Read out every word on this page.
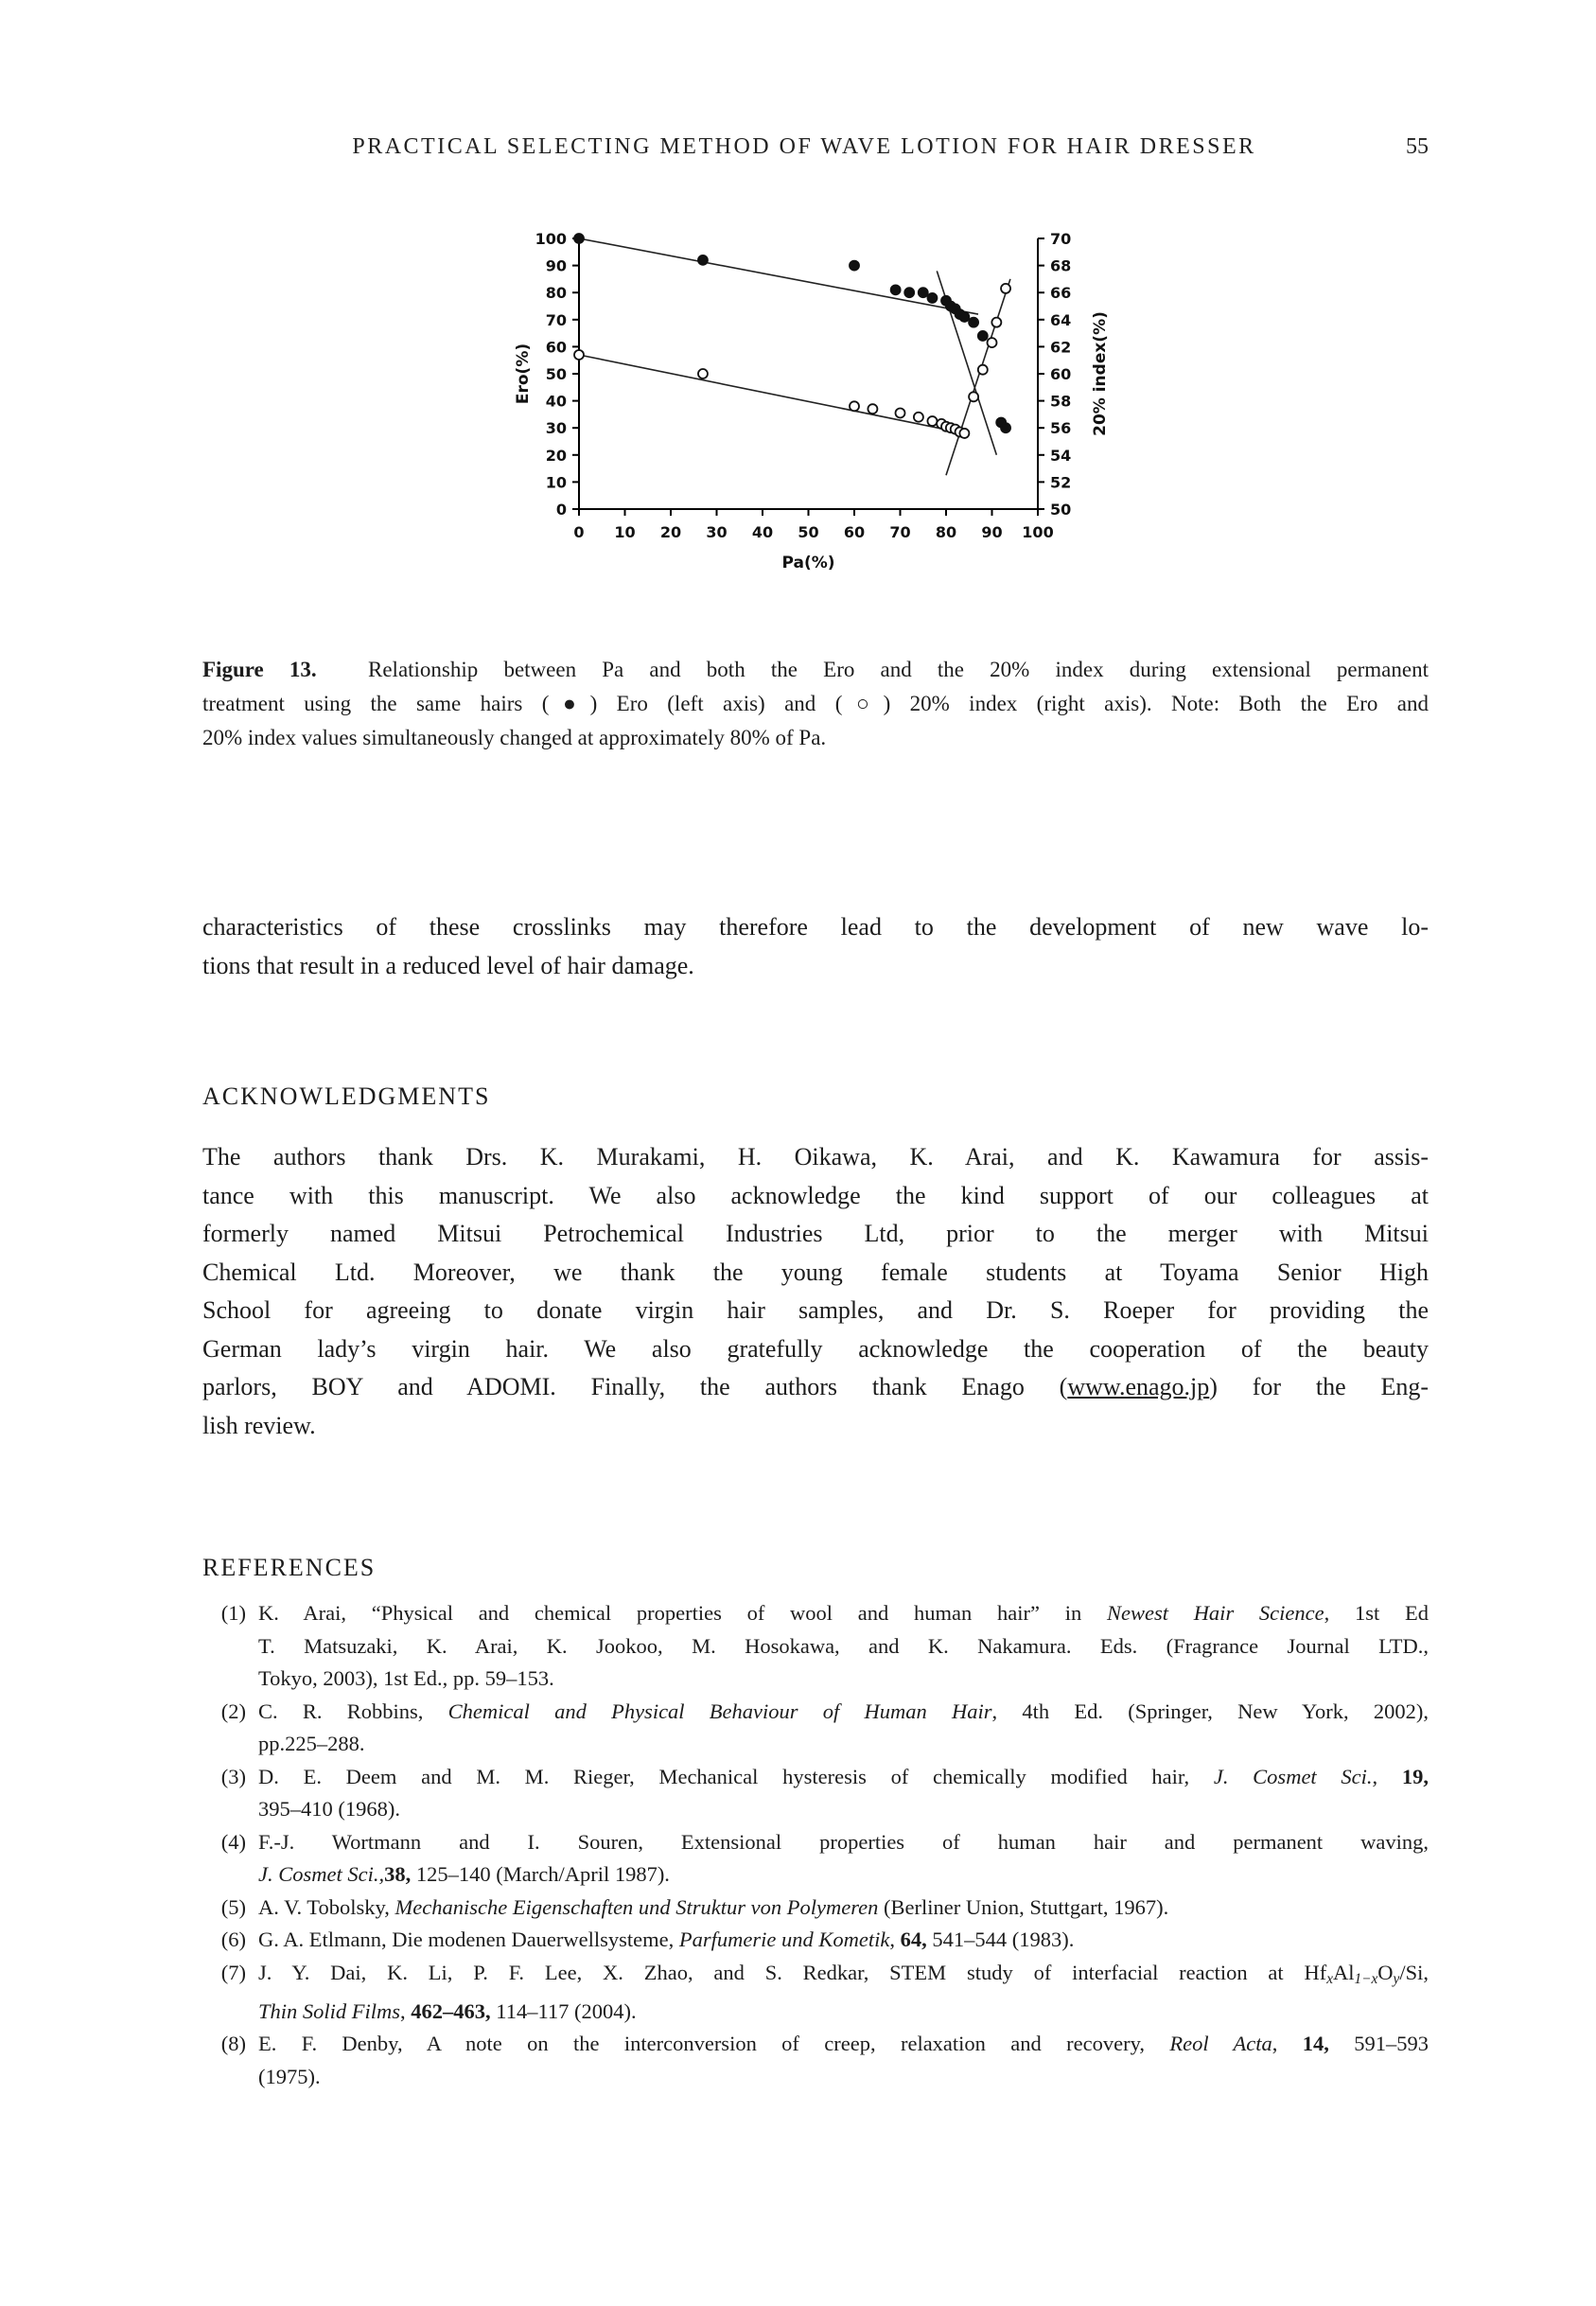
PRACTICAL SELECTING METHOD OF WAVE LOTION FOR HAIR DRESSER	55
0 10 20 30 40 50 60 70 80 90 100
0
10
20
30
40
50
60
70
80
90
100
50
52
54
56
58
60
62
64
66
68
70
Ero(%)
Pa(%)
20% index(%)
Figure 13.  Relationship between Pa and both the Ero and the 20% index during extensional permanent
treatment using the same hairs (●) Ero (left axis) and (○) 20% index (right axis). Note: Both the Ero and
20% index values simultaneously changed at approximately 80% of Pa.
characteristics of these crosslinks may therefore lead to the development of new wave lo-
tions that result in a reduced level of hair damage.
ACKNOWLEDGMENTS
The authors thank Drs. K. Murakami, H. Oikawa, K. Arai, and K. Kawamura for assis-
tance with this manuscript. We also acknowledge the kind support of our colleagues at
formerly named Mitsui Petrochemical Industries Ltd, prior to the merger with Mitsui
Chemical Ltd. Moreover, we thank the young female students at Toyama Senior High
School for agreeing to donate virgin hair samples, and Dr. S. Roeper for providing the
German lady’s virgin hair. We also gratefully acknowledge the cooperation of the beauty
parlors, BOY and ADOMI. Finally, the authors thank Enago (www.enago.jp) for the Eng-
lish review.
REFERENCES
(1) K. Arai, “Physical and chemical properties of wool and human hair” in Newest Hair Science, 1st Ed
T. Matsuzaki, K. Arai, K. Jookoo, M. Hosokawa, and K. Nakamura. Eds. (Fragrance Journal LTD.,
Tokyo, 2003), 1st Ed., pp. 59–153.
(2) C. R. Robbins, Chemical and Physical Behaviour of Human Hair, 4th Ed. (Springer, New York, 2002),
pp.225–288.
(3) D. E. Deem and M. M. Rieger, Mechanical hysteresis of chemically modified hair, J. Cosmet Sci., 19,
395–410 (1968).
(4) F.-J. Wortmann and I. Souren, Extensional properties of human hair and permanent waving,
J. Cosmet Sci.,38, 125–140 (March/April 1987).
(5) A. V. Tobolsky, Mechanische Eigenschaften und Struktur von Polymeren (Berliner Union, Stuttgart, 1967).
(6) G. A. Etlmann, Die modenen Dauerwellsysteme, Parfumerie und Kometik, 64, 541–544 (1983).
(7) J. Y. Dai, K. Li, P. F. Lee, X. Zhao, and S. Redkar, STEM study of interfacial reaction at $Hf_xAl_{1-x}O_y/Si$,
Thin Solid Films, 462–463, 114–117 (2004).
(8) E. F. Denby, A note on the interconversion of creep, relaxation and recovery, Reol Acta, 14, 591–593
(1975).
